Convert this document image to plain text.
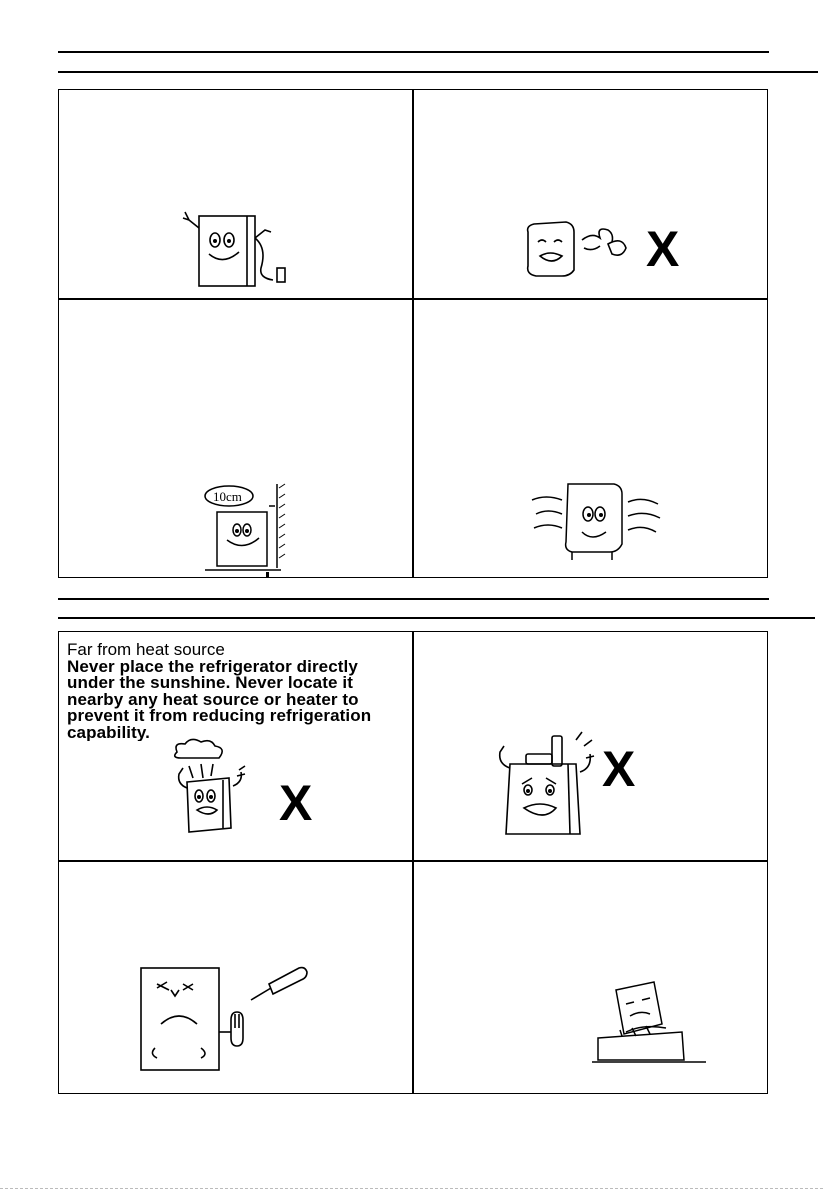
X
10cm
Far from heat source
Never place the refrigerator directly
under the sunshine. Never locate it
nearby any heat source or heater to
prevent it from reducing refrigeration
capability.
X
X
